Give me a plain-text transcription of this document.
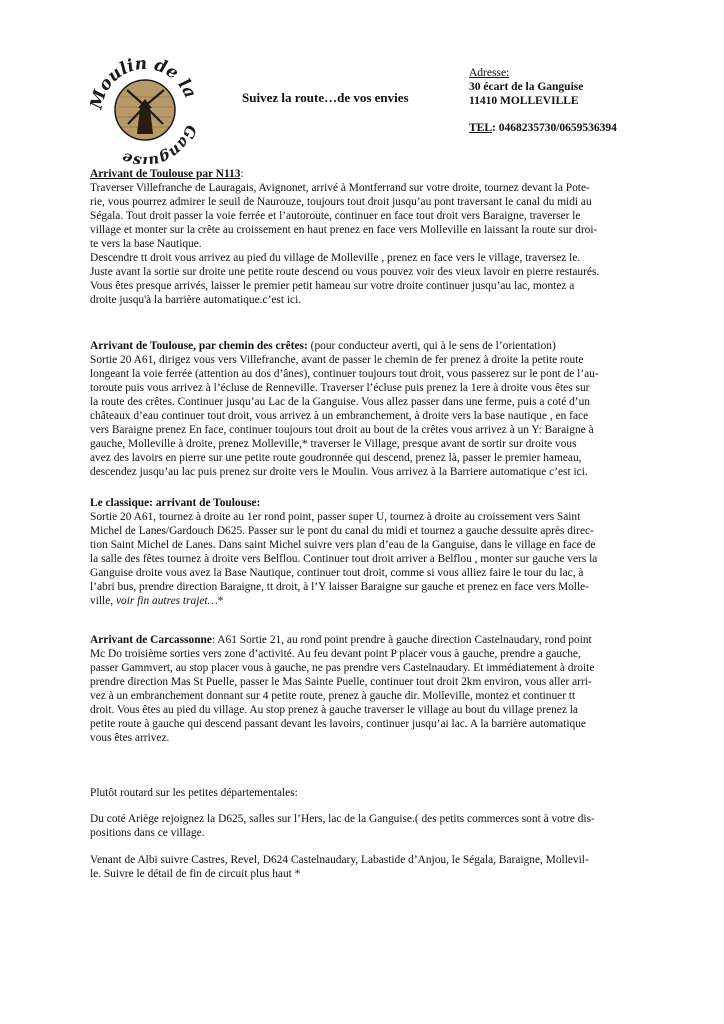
oulin de la
Ganguise
Suivez la route…de vos envies
Adresse:
30 écart de la Ganguise
11410 MOLLEVILLE
TEL: 0468235730/0659536394

Arrivant de Toulouse par N113:

Traverser Villefranche de Lauragais, Avignonet, arrivé à Montferrand sur votre droite, tournez devant la Pote-

rie, vous pourrez admirer le seuil de Naurouze, toujours tout droit jusqu’au pont traversant le canal du midi au

Ségala. Tout droit passer la voie ferrée et l’autoroute, continuer en face tout droit vers Baraigne, traverser le

village et monter sur la crête au croissement en haut prenez en face vers Molleville en laissant la route sur droi-

te vers la base Nautique.

Descendre tt droit vous arrivez au pied du village de Molleville , prenez en face vers le village, traversez le.

Juste avant la sortie sur droite une petite route descend ou vous pouvez voir des vieux lavoir en pierre restaurés.

Vous êtes presque arrivés, laisser le premier petit hameau sur votre droite continuer jusqu’au lac, montez a

droite jusqu'à la barrière automatique.c’est ici.

Arrivant de Toulouse, par chemin des crêtes: (pour conducteur averti, qui à le sens de l’orientation)

Sortie 20 A61, dirigez vous vers Villefranche, avant de passer le chemin de fer prenez à droite la petite route

longeant la voie ferrée (attention au dos d’ânes), continuer toujours tout droit, vous passerez sur le pont de l’au-

toroute puis vous arrivez à l’écluse de Renneville. Traverser l’écluse puis prenez la 1ere à droite vous êtes sur

la route des crêtes. Continuer jusqu’au Lac de la Ganguise. Vous allez passer dans une ferme, puis a coté d’un

châteaux d’eau continuer tout droit, vous arrivez à un embranchement, à droite vers la base nautique , en face

vers Baraigne prenez En face, continuer toujours tout droit au bout de la crêtes vous arrivez à un Y: Baraigne à

gauche, Molleville à droite, prenez Molleville,* traverser le Village, presque avant de sortir sur droite vous

avez des lavoirs en pierre sur une petite route goudronnée qui descend, prenez là, passer le premier hameau,

descendez jusqu’au lac puis prenez sur droite vers le Moulin. Vous arrivez à la Barriere automatique c’est ici.

Le classique: arrivant de Toulouse:

Sortie 20 A61, tournez à droite au 1er rond point, passer super U, tournez à droite au croissement vers Saint

Michel de Lanes/Gardouch D625. Passer sur le pont du canal du midi et tournez a gauche dessuite après direc-

tion Saint Michel de Lanes. Dans saint Michel suivre vers plan d’eau de la Ganguise, dans le village en face de

la salle des fêtes tournez à droite vers Belflou. Continuer tout droit arriver a Belflou , monter sur gauche vers la

Ganguise droite vous avez la Base Nautique, continuer tout droit, comme si vous alliez faire le tour du lac, à

l’abri bus, prendre direction Baraigne, tt droit, à l’Y laisser Baraigne sur gauche et prenez en face vers Molle-

ville, voir fin autres trajet…*

Arrivant de Carcassonne: A61 Sortie 21, au rond point prendre à gauche direction Castelnaudary, rond point

Mc Do troisième sorties vers zone d’activité. Au feu devant point P placer vous à gauche, prendre a gauche,

passer Gammvert, au stop placer vous à gauche, ne pas prendre vers Castelnaudary. Et immédiatement à droite

prendre direction Mas St Puelle, passer le Mas Sainte Puelle, continuer tout droit 2km environ, vous aller arri-

vez à un embranchement donnant sur 4 petite route, prenez à gauche dir. Molleville, montez et continuer tt

droit. Vous êtes au pied du village. Au stop prenez à gauche traverser le village au bout du village prenez la

petite route à gauche qui descend passant devant les lavoirs, continuer jusqu’ai lac. A la barrière automatique

vous êtes arrivez.

Plutôt routard sur les petites départementales:

Du coté Ariège rejoignez la D625, salles sur l’Hers, lac de la Ganguise.( des petits commerces sont à votre dis-

positions dans ce village.

Venant de Albi suivre Castres, Revel, D624 Castelnaudary, Labastide d’Anjou, le Ségala, Baraigne, Mollevil-

le. Suivre le détail de fin de circuit plus haut *
